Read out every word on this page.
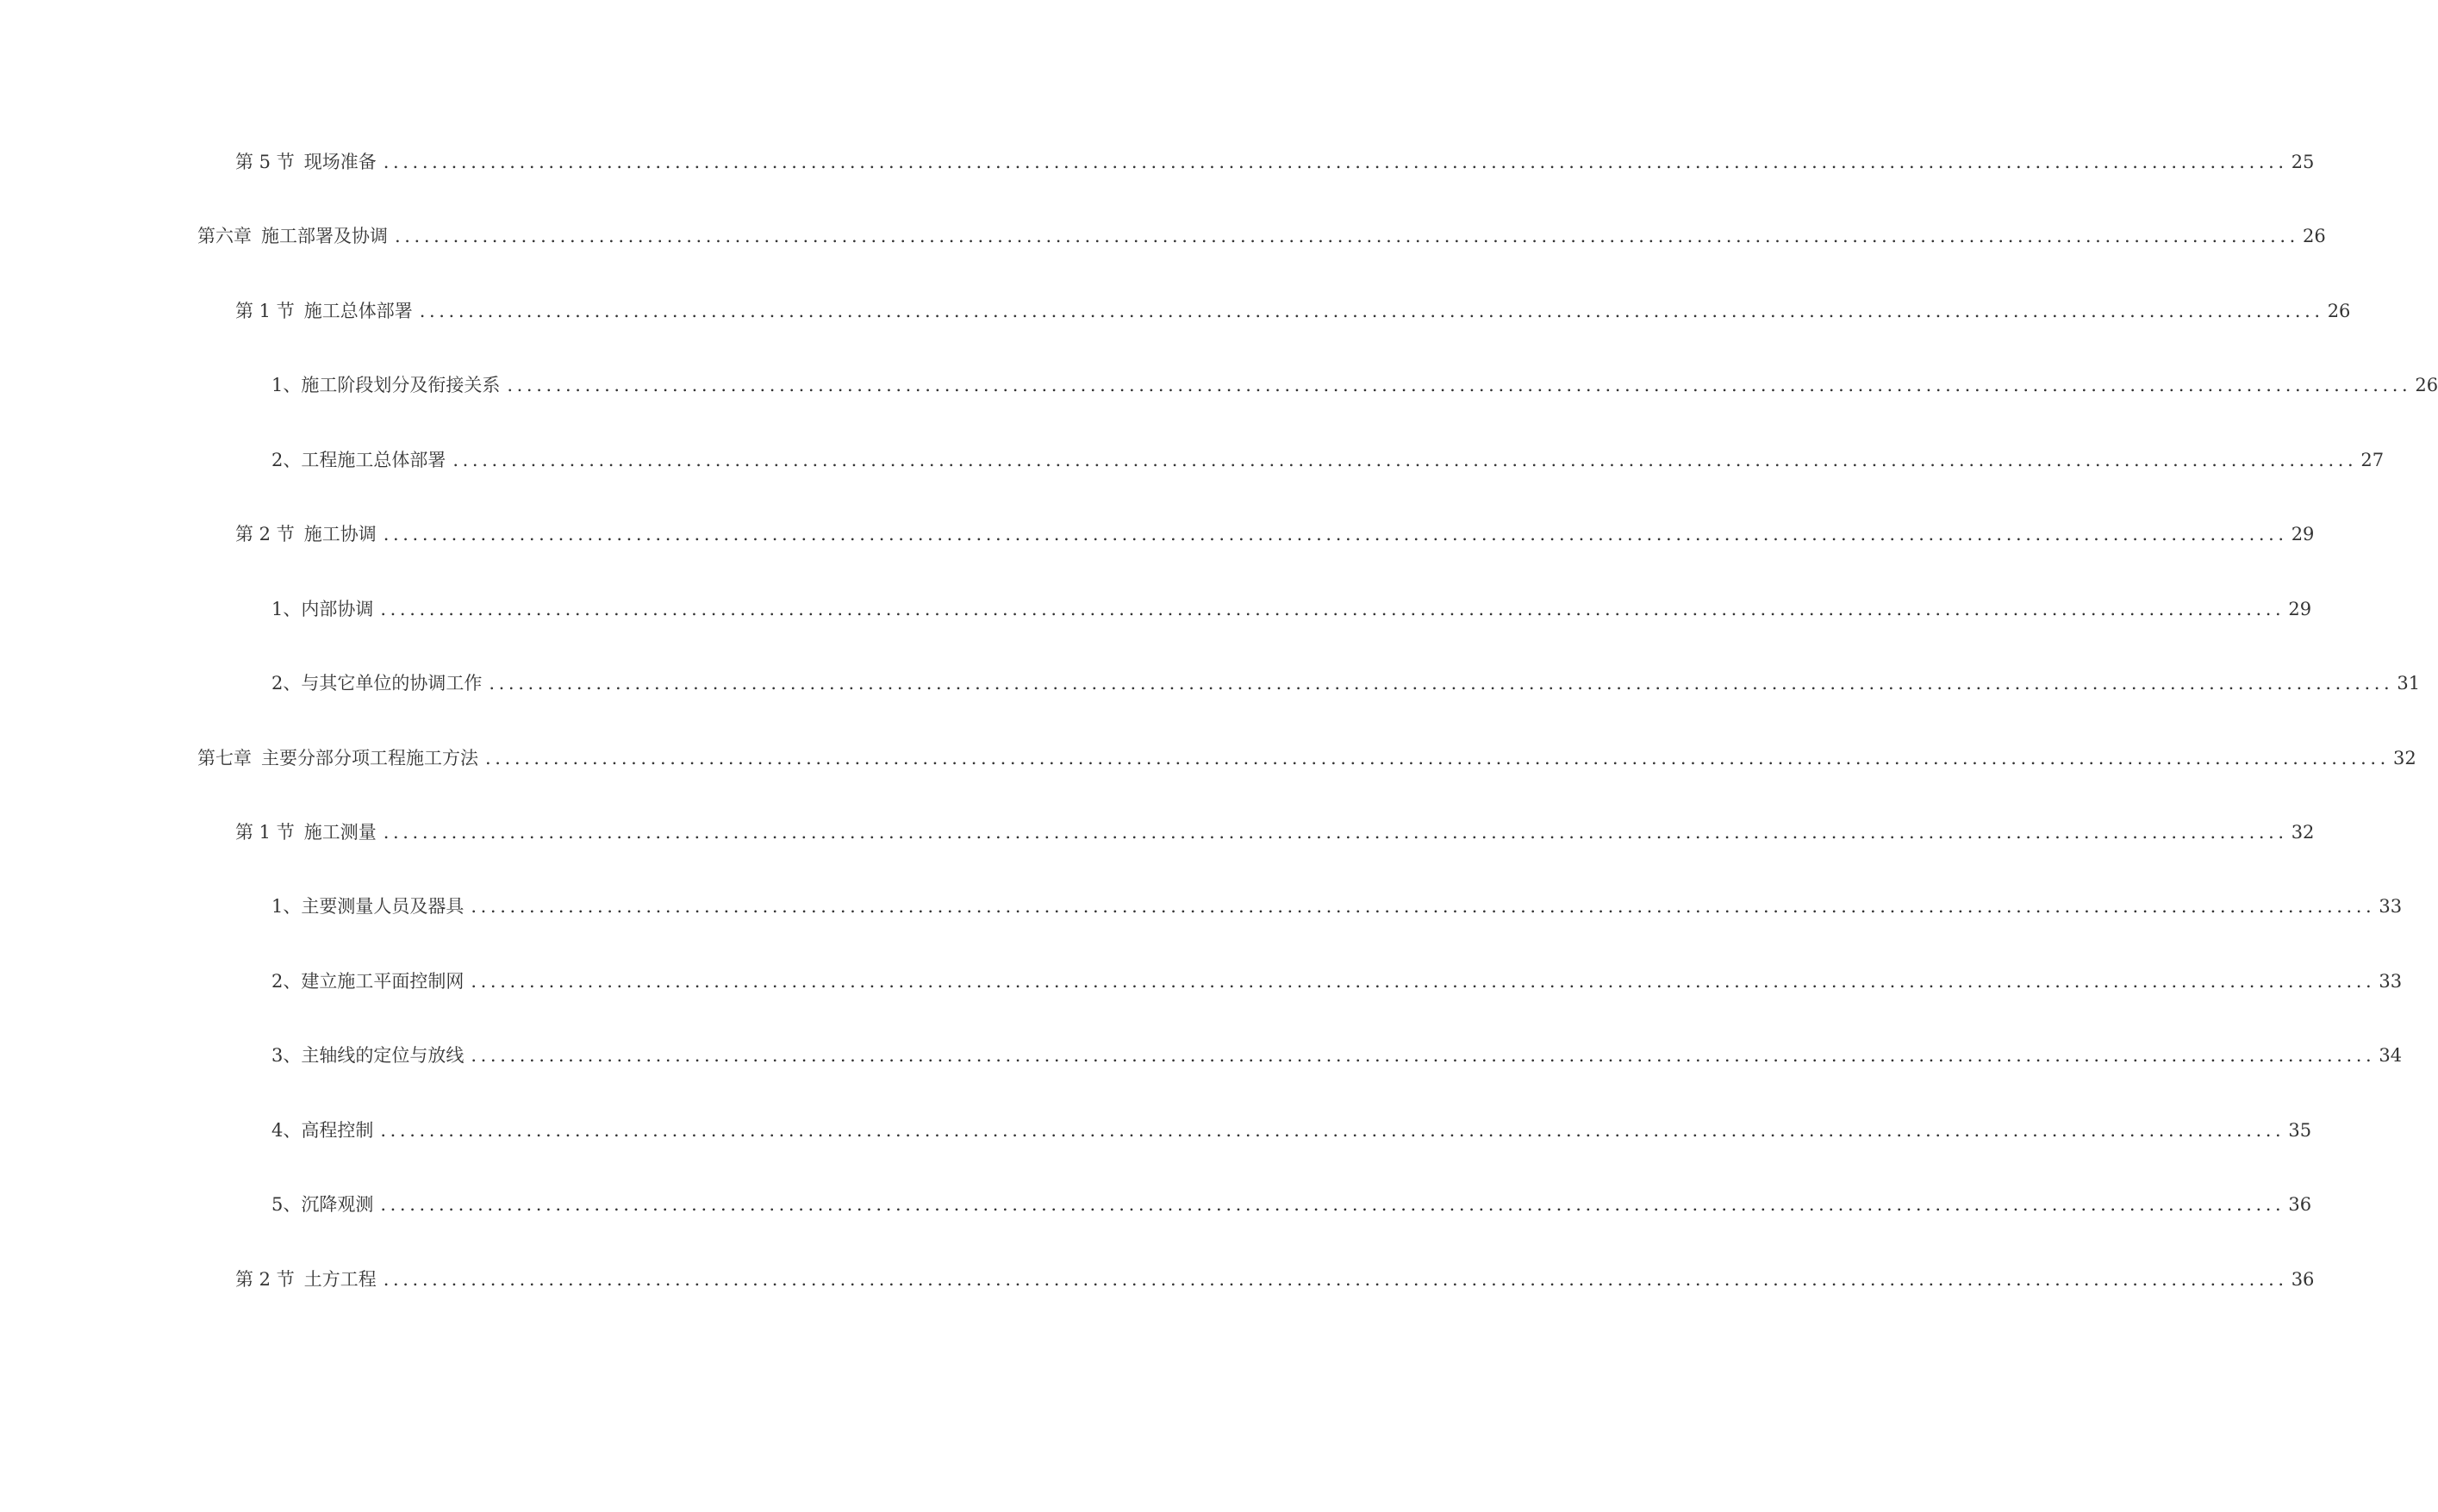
第 5 节 现场准备 .................................................................................................................................................................................................... 25
第六章 施工部署及协调 .................................................................................................................................................................................................... 26
第 1 节 施工总体部署 .................................................................................................................................................................................................... 26
1、 施工阶段划分及衔接关系 .................................................................................................................................................................................................... 26
2、 工程施工总体部署 .................................................................................................................................................................................................... 27
第 2 节 施工协调 .................................................................................................................................................................................................... 29
1、 内部协调 .................................................................................................................................................................................................... 29
2、 与其它单位的协调工作 .................................................................................................................................................................................................... 31
第七章 主要分部分项工程施工方法 .................................................................................................................................................................................................... 32
第 1 节 施工测量 .................................................................................................................................................................................................... 32
1、 主要测量人员及器具 .................................................................................................................................................................................................... 33
2、 建立施工平面控制网 .................................................................................................................................................................................................... 33
3、 主轴线的定位与放线 .................................................................................................................................................................................................... 34
4、 高程控制 .................................................................................................................................................................................................... 35
5、 沉降观测 .................................................................................................................................................................................................... 36
第 2 节 土方工程 .................................................................................................................................................................................................... 36
